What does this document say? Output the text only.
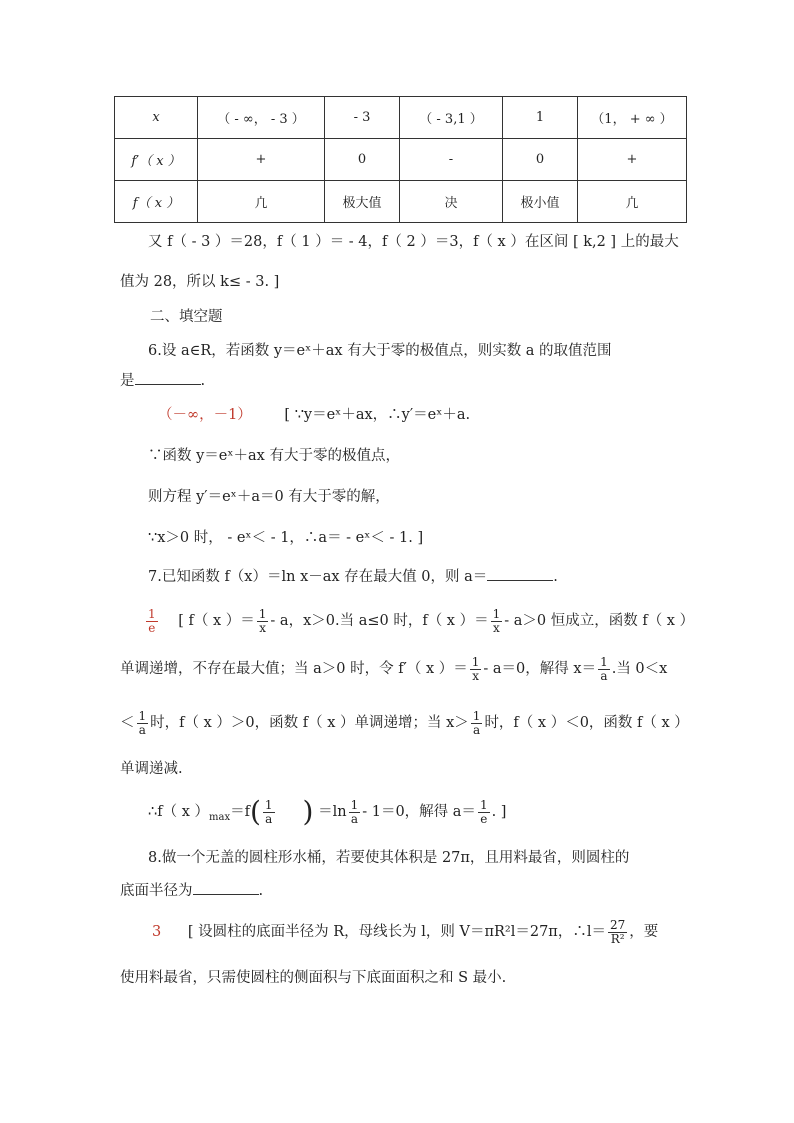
x	（ - ∞， - 3 ）	- 3	（ - 3,1 ）	1	（1， + ∞ ）
f′（ x ）	+	0	-	0	+
f（ x ）	凣	极大值	决	极小值	凣
又 f（ - 3 ）＝28，f（ 1 ）＝ - 4，f（ 2 ）＝3，f（ x ）在区间 [ k,2 ] 上的最大
值为 28，所以 k≤ - 3. ]
二、填空题
6.设 a∈R，若函数 y＝eˣ＋ax 有大于零的极值点，则实数 a 的取值范围
是	.
（－∞，－1） [ ∵y＝eˣ＋ax，∴y′＝eˣ＋a.
∵函数 y＝eˣ＋ax 有大于零的极值点，
则方程 y′＝eˣ＋a＝0 有大于零的解，
∵x＞0 时， - eˣ＜ - 1，∴a＝ - eˣ＜ - 1. ]
7.已知函数 f（x）＝ln x－ax 存在最大值 0，则 a＝	.
$\frac{1}{e}$ [ f（ x ）＝ $\frac{1}{x}$ - a，x＞0.当 a≤0 时，f（ x ）＝ $\frac{1}{x} - a>0$ 恒成立，函数 f（ x ）
单调递增，不存在最大值；当 a＞0 时，令 f′（ x ）＝ $\frac{1}{x} - a=0$，解得 $x= \frac{1}{a}$ .当 0＜x
＜ $\frac{1}{a}$ 时，f（ x ）＞0，函数 f（ x ）单调递增；当 $x> \frac{1}{a}$ 时，f（ x ）＜0，函数 f（ x ）
单调递减.
∴f（ x ）$_{max}=f( \frac{1}{a}$ ) $=\ln \frac{1}{a} - 1=0$，解得 $a= \frac{1}{e}$ . ]
8.做一个无盖的圆柱形水桶，若要使其体积是 27π，且用料最省，则圆柱的
底面半径为	.
3 [ 设圆柱的底面半径为 R，母线长为 l，则 V＝πR²l＝27π，∴l＝ $\frac{27}{\text{R²}}$ ，要
使用料最省，只需使圆柱的侧面积与下底面面积之和 S 最小.
